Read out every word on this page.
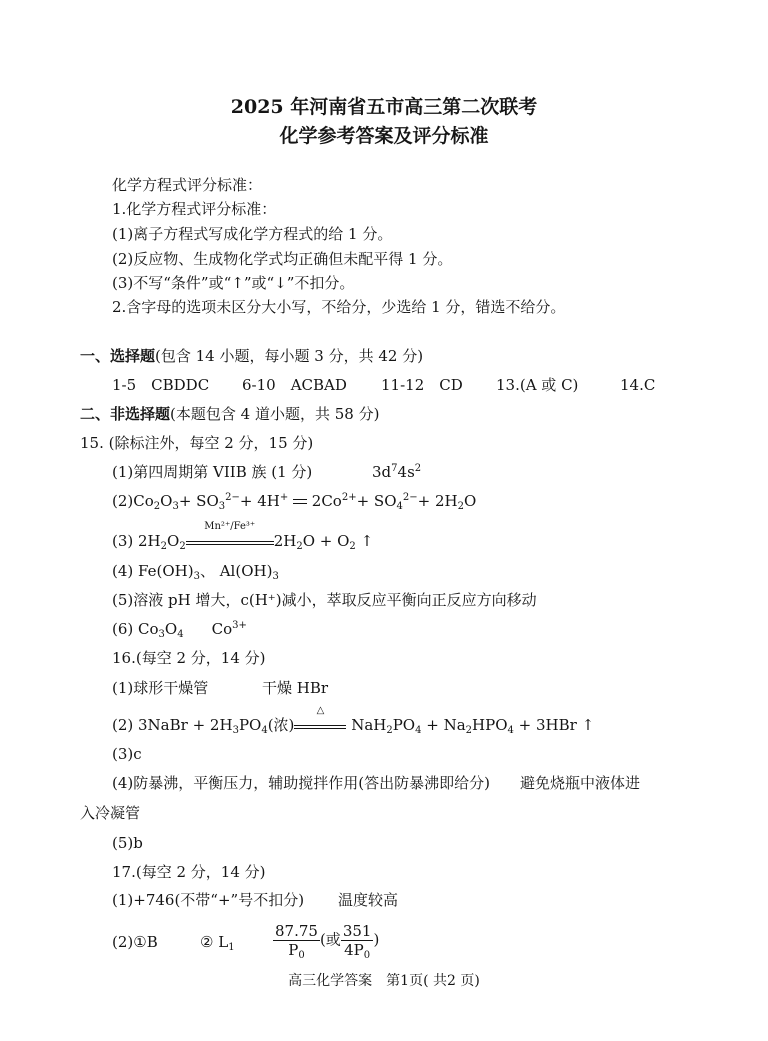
2025 年河南省五市高三第二次联考
化学参考答案及评分标准
化学方程式评分标准：
1.化学方程式评分标准：
(1)离子方程式写成化学方程式的给 1 分。
(2)反应物、生成物化学式均正确但未配平得 1 分。
(3)不写“条件”或“↑”或“↓”不扣分。
2.含字母的选项未区分大小写，不给分，少选给 1 分，错选不给分。
一、选择题(包含 14 小题，每小题 3 分，共 42 分)
1-5　CBDDC 6-10　ACBAD 11-12　CD 13.(A 或 C)	14.C
二、非选择题(本题包含 4 道小题，共 58 分)
15. (除标注外，每空 2 分，15 分)
(1)第四周期第 VIIB 族 (1 分)	$3d^74s^2$
$(2)Co_2O_3+ SO_3^{2-}+ 4H^+$  $2Co^{2+}+ SO_4^{2-}+ 2H_2O$
(3) $2H_2O_2$
Mn²⁺/Fe³⁺
$2H_2O + O_2$ ↑
(4) $Fe(OH)_3$、 $Al(OH)_3$
(5)溶液 pH 增大，c(H⁺)减小，萃取反应平衡向正反应方向移动
(6) $Co_3O_4$ $Co^{3+}$
16.(每空 2 分，14 分)
(1)球形干燥管	干燥 HBr
(2) 3NaBr + $2H_3PO_4$(浓)
△
$NaH_2PO_4 + Na_2HPO_4 + 3HBr$ ↑
(3)c
(4)防暴沸，平衡压力，辅助搅拌作用(答出防暴沸即给分)　　避免烧瓶中液体进
入冷凝管
(5)b
17.(每空 2 分，14 分)
(1)+746(不带“+”号不扣分) 温度较高
(2)①B	② $L_1$	$\frac{87.75}{P_0}$ (或 $\frac{351}{4P_0}$ )
高三化学答案　第1页( 共2 页)
